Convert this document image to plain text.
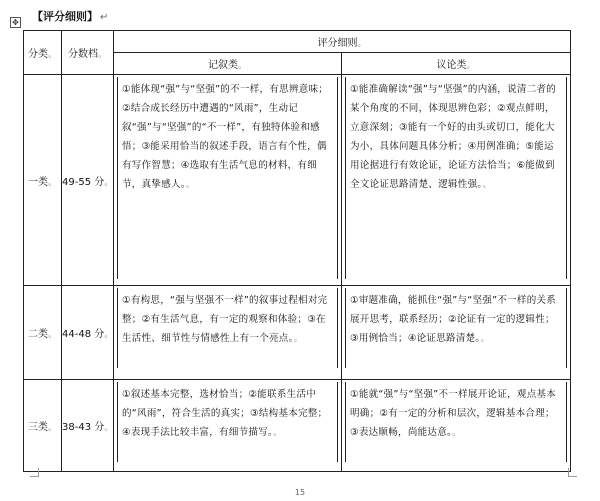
✥ 【评分细则】 ↵
分类。	分数档。	评分细则。	
		记叙类。	议论类。
一类。	49-55 分。	①能体现“强”与“坚强”的不一样，有思辨意味；②结合成长经历中遭遇的“风雨”，生动记叙“强”与“坚强”的“不一样”，有独特体验和感悟；③能采用恰当的叙述手段，语言有个性，偶有写作智慧；④选取有生活气息的材料，有细节，真挚感人。。	①能准确解读“强”与“坚强”的内涵，说清二者的某个角度的不同，体现思辨色彩；②观点鲜明，立意深刻；③能有一个好的由头或切口，能化大为小，具体问题具体分析；④用例准确；⑤能运用论据进行有效论证，论证方法恰当；⑥能做到全文论证思路清楚、逻辑性强。。

二类。	44-48 分。	①有构思，“强与坚强不一样”的叙事过程相对完整；②有生活气息，有一定的观察和体验；③在生活性、细节性与情感性上有一个亮点。。	①审题准确，能抓住“强”与“坚强”不一样的关系展开思考，联系经历；②论证有一定的逻辑性；③用例恰当；④论证思路清楚。。

三类。	38-43 分。	①叙述基本完整，选材恰当；②能联系生活中的“风雨”，符合生活的真实；③结构基本完整；④表现手法比较丰富，有细节描写。。	①能就“强”与“坚强”不一样展开论证，观点基本明确；②有一定的分析和层次，逻辑基本合理；③表达顺畅，尚能达意。。
15
